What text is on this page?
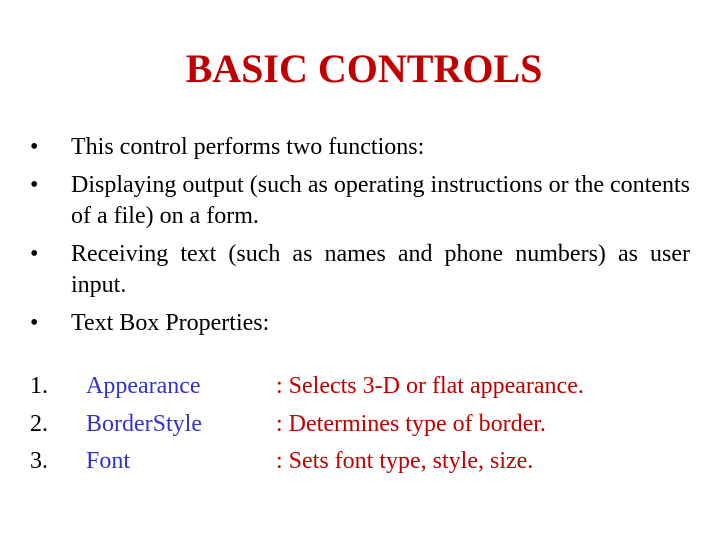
BASIC CONTROLS
• This control performs two functions:
• Displaying output (such as operating instructions or the contents of a file) on a form.
• Receiving text (such as names and phone numbers) as user input.
• Text Box Properties:
1. Appearance	: Selects 3-D or flat appearance.
2. BorderStyle	: Determines type of border.
3. Font	: Sets font type, style, size.
